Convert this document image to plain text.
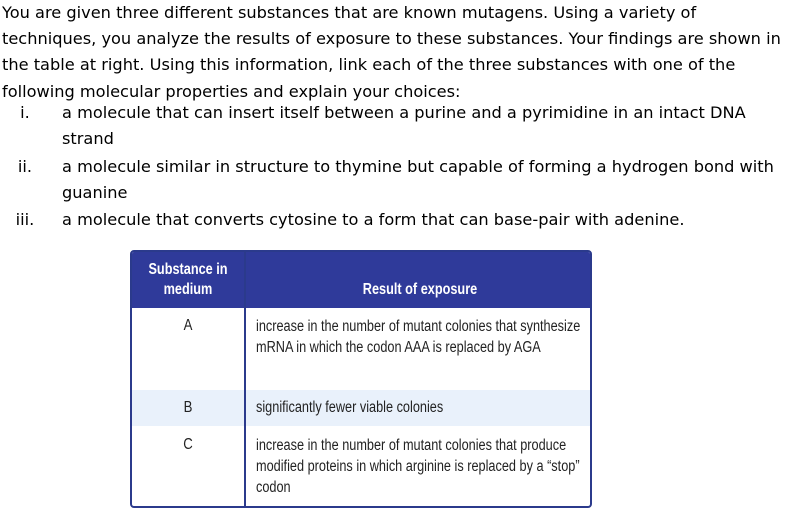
You are given three different substances that are known mutagens. Using a variety of techniques, you analyze the results of exposure to these substances. Your findings are shown in the table at right. Using this information, link each of the three substances with one of the following molecular properties and explain your choices:

i.	a molecule that can insert itself between a purine and a pyrimidine in an intact DNA strand
ii.	a molecule similar in structure to thymine but capable of forming a hydrogen bond with guanine
iii.	a molecule that converts cytosine to a form that can base-pair with adenine.
Substance in medium	Result of exposure
A	increase in the number of mutant colonies that synthesize mRNA in which the codon AAA is replaced by AGA
B	significantly fewer viable colonies
C	increase in the number of mutant colonies that produce modified proteins in which arginine is replaced by a “stop” codon
